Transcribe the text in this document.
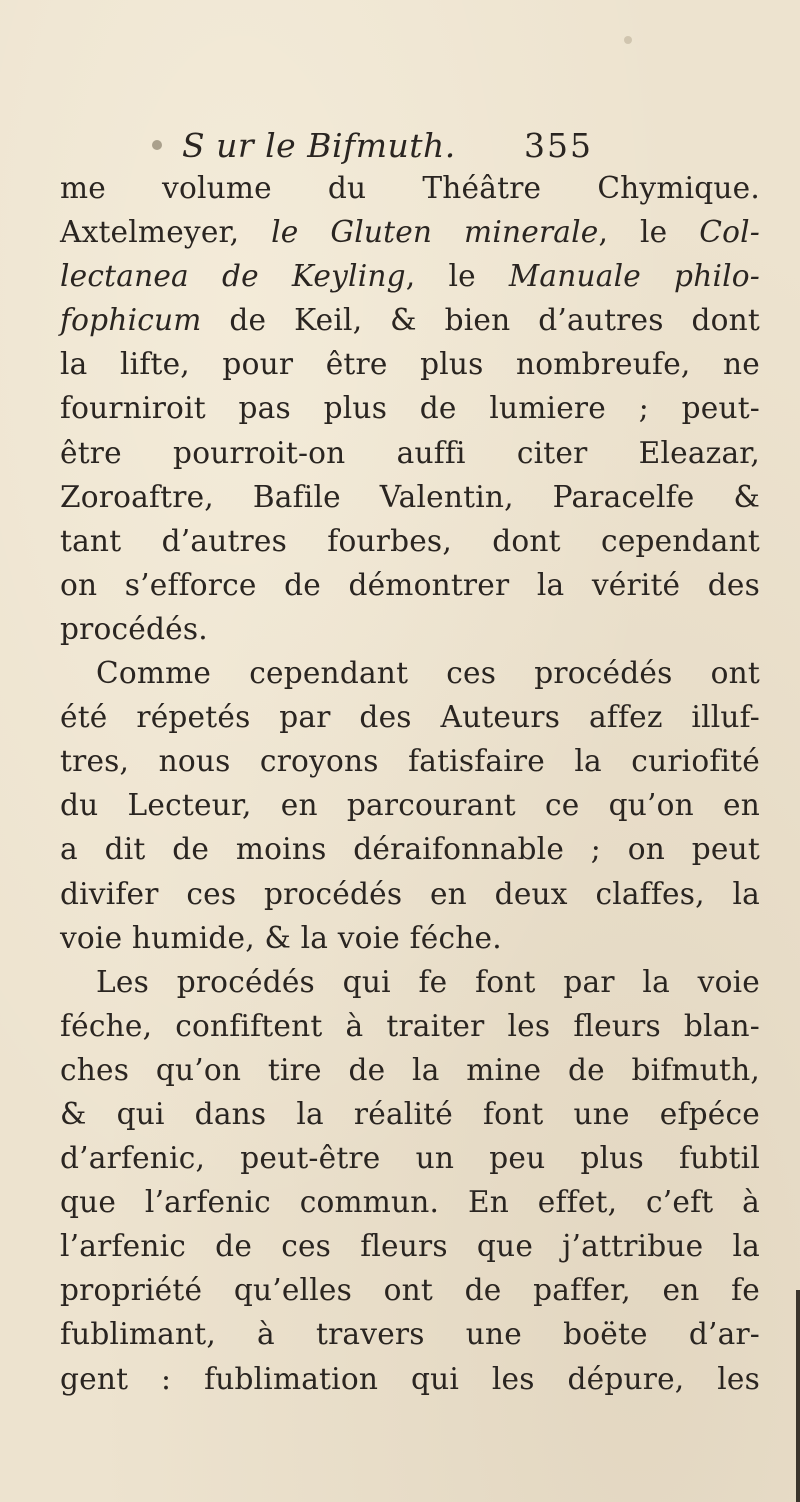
S ur le Bifmuth. 355
me volume du Théâtre Chymique.
Axtelmeyer, le Gluten minerale, le Col-
lectanea de Keyling, le Manuale philo-
fophicum de Keil, & bien d’autres dont
la lifte, pour être plus nombreufe, ne
fourniroit pas plus de lumiere ; peut-
être pourroit-on auffi citer Eleazar,
Zoroaftre, Bafile Valentin, Paracelfe &
tant d’autres fourbes, dont cependant
on s’efforce de démontrer la vérité des
procédés.
Comme cependant ces procédés ont
été répetés par des Auteurs affez illuf-
tres, nous croyons fatisfaire la curiofité
du Lecteur, en parcourant ce qu’on en
a dit de moins déraifonnable ; on peut
divifer ces procédés en deux claffes, la
voie humide, & la voie féche.
Les procédés qui fe font par la voie
féche, confiftent à traiter les fleurs blan-
ches qu’on tire de la mine de bifmuth,
& qui dans la réalité font une efpéce
d’arfenic, peut-être un peu plus fubtil
que l’arfenic commun. En effet, c’eft à
l’arfenic de ces fleurs que j’attribue la
propriété qu’elles ont de paffer, en fe
fublimant, à travers une boëte d’ar-
gent : fublimation qui les dépure, les
